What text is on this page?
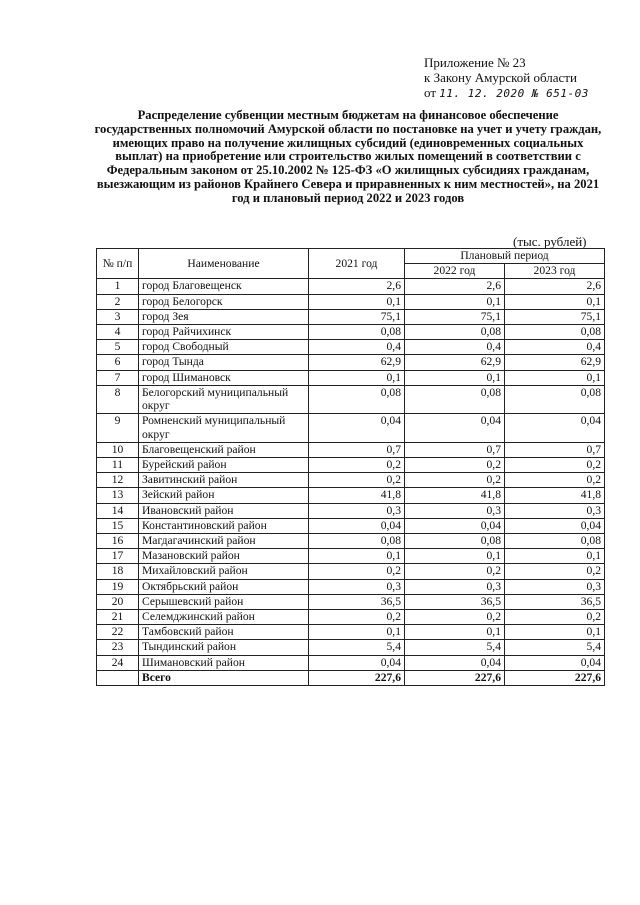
Приложение № 23
к Закону Амурской области
от 11. 12. 2020 № 651-03
Распределение субвенции местным бюджетам на финансовое обеспечение государственных полномочий Амурской области по постановке на учет и учету граждан, имеющих право на получение жилищных субсидий (единовременных социальных выплат) на приобретение или строительство жилых помещений в соответствии с Федеральным законом от 25.10.2002 № 125-ФЗ «О жилищных субсидиях гражданам, выезжающим из районов Крайнего Севера и приравненных к ним местностей», на 2021 год и плановый период 2022 и 2023 годов
(тыс. рублей)
№ п/п	Наименование	2021 год	Плановый период	
			2022 год	2023 год
1	город Благовещенск	2,6	2,6	2,6
2	город Белогорск	0,1	0,1	0,1
3	город Зея	75,1	75,1	75,1
4	город Райчихинск	0,08	0,08	0,08
5	город Свободный	0,4	0,4	0,4
6	город Тында	62,9	62,9	62,9
7	город Шимановск	0,1	0,1	0,1
8	Белогорский муниципальный округ	0,08	0,08	0,08
9	Ромненский муниципальный округ	0,04	0,04	0,04
10	Благовещенский район	0,7	0,7	0,7
11	Бурейский район	0,2	0,2	0,2
12	Завитинский район	0,2	0,2	0,2
13	Зейский район	41,8	41,8	41,8
14	Ивановский район	0,3	0,3	0,3
15	Константиновский район	0,04	0,04	0,04
16	Магдагачинский район	0,08	0,08	0,08
17	Мазановский район	0,1	0,1	0,1
18	Михайловский район	0,2	0,2	0,2
19	Октябрьский район	0,3	0,3	0,3
20	Серышевский район	36,5	36,5	36,5
21	Селемджинский район	0,2	0,2	0,2
22	Тамбовский район	0,1	0,1	0,1
23	Тындинский район	5,4	5,4	5,4
24	Шимановский район	0,04	0,04	0,04
	Всего	227,6	227,6	227,6
